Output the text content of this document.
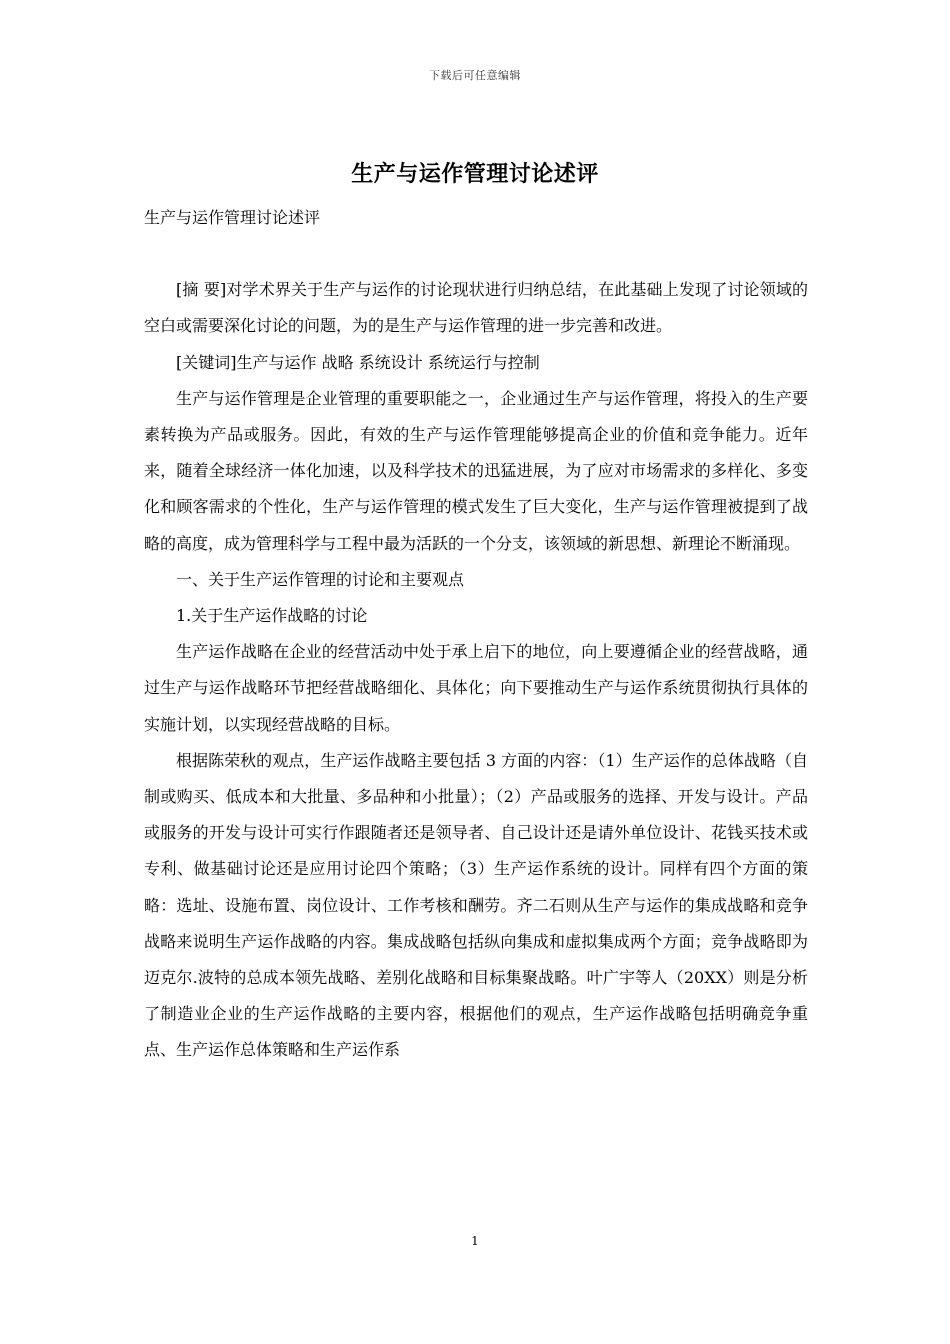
下载后可任意编辑
生产与运作管理讨论述评

生产与运作管理讨论述评

[摘 要]对学术界关于生产与运作的讨论现状进行归纳总结，在此基础上发现了讨论领域的空白或需要深化讨论的问题，为的是生产与运作管理的进一步完善和改进。

[关键词]生产与运作 战略 系统设计 系统运行与控制

生产与运作管理是企业管理的重要职能之一，企业通过生产与运作管理，将投入的生产要素转换为产品或服务。因此，有效的生产与运作管理能够提高企业的价值和竞争能力。近年来，随着全球经济一体化加速，以及科学技术的迅猛进展，为了应对市场需求的多样化、多变化和顾客需求的个性化，生产与运作管理的模式发生了巨大变化，生产与运作管理被提到了战略的高度，成为管理科学与工程中最为活跃的一个分支，该领域的新思想、新理论不断涌现。

一、关于生产运作管理的讨论和主要观点

1.关于生产运作战略的讨论

生产运作战略在企业的经营活动中处于承上启下的地位，向上要遵循企业的经营战略，通过生产与运作战略环节把经营战略细化、具体化；向下要推动生产与运作系统贯彻执行具体的实施计划，以实现经营战略的目标。

根据陈荣秋的观点，生产运作战略主要包括 3 方面的内容：（1）生产运作的总体战略（自制或购买、低成本和大批量、多品种和小批量）；（2）产品或服务的选择、开发与设计。产品或服务的开发与设计可实行作跟随者还是领导者、自己设计还是请外单位设计、花钱买技术或专利、做基础讨论还是应用讨论四个策略；（3）生产运作系统的设计。同样有四个方面的策略：选址、设施布置、岗位设计、工作考核和酬劳。齐二石则从生产与运作的集成战略和竞争战略来说明生产运作战略的内容。集成战略包括纵向集成和虚拟集成两个方面；竞争战略即为迈克尔.波特的总成本领先战略、差别化战略和目标集聚战略。叶广宇等人（20XX）则是分析了制造业企业的生产运作战略的主要内容，根据他们的观点，生产运作战略包括明确竞争重点、生产运作总体策略和生产运作系

1
